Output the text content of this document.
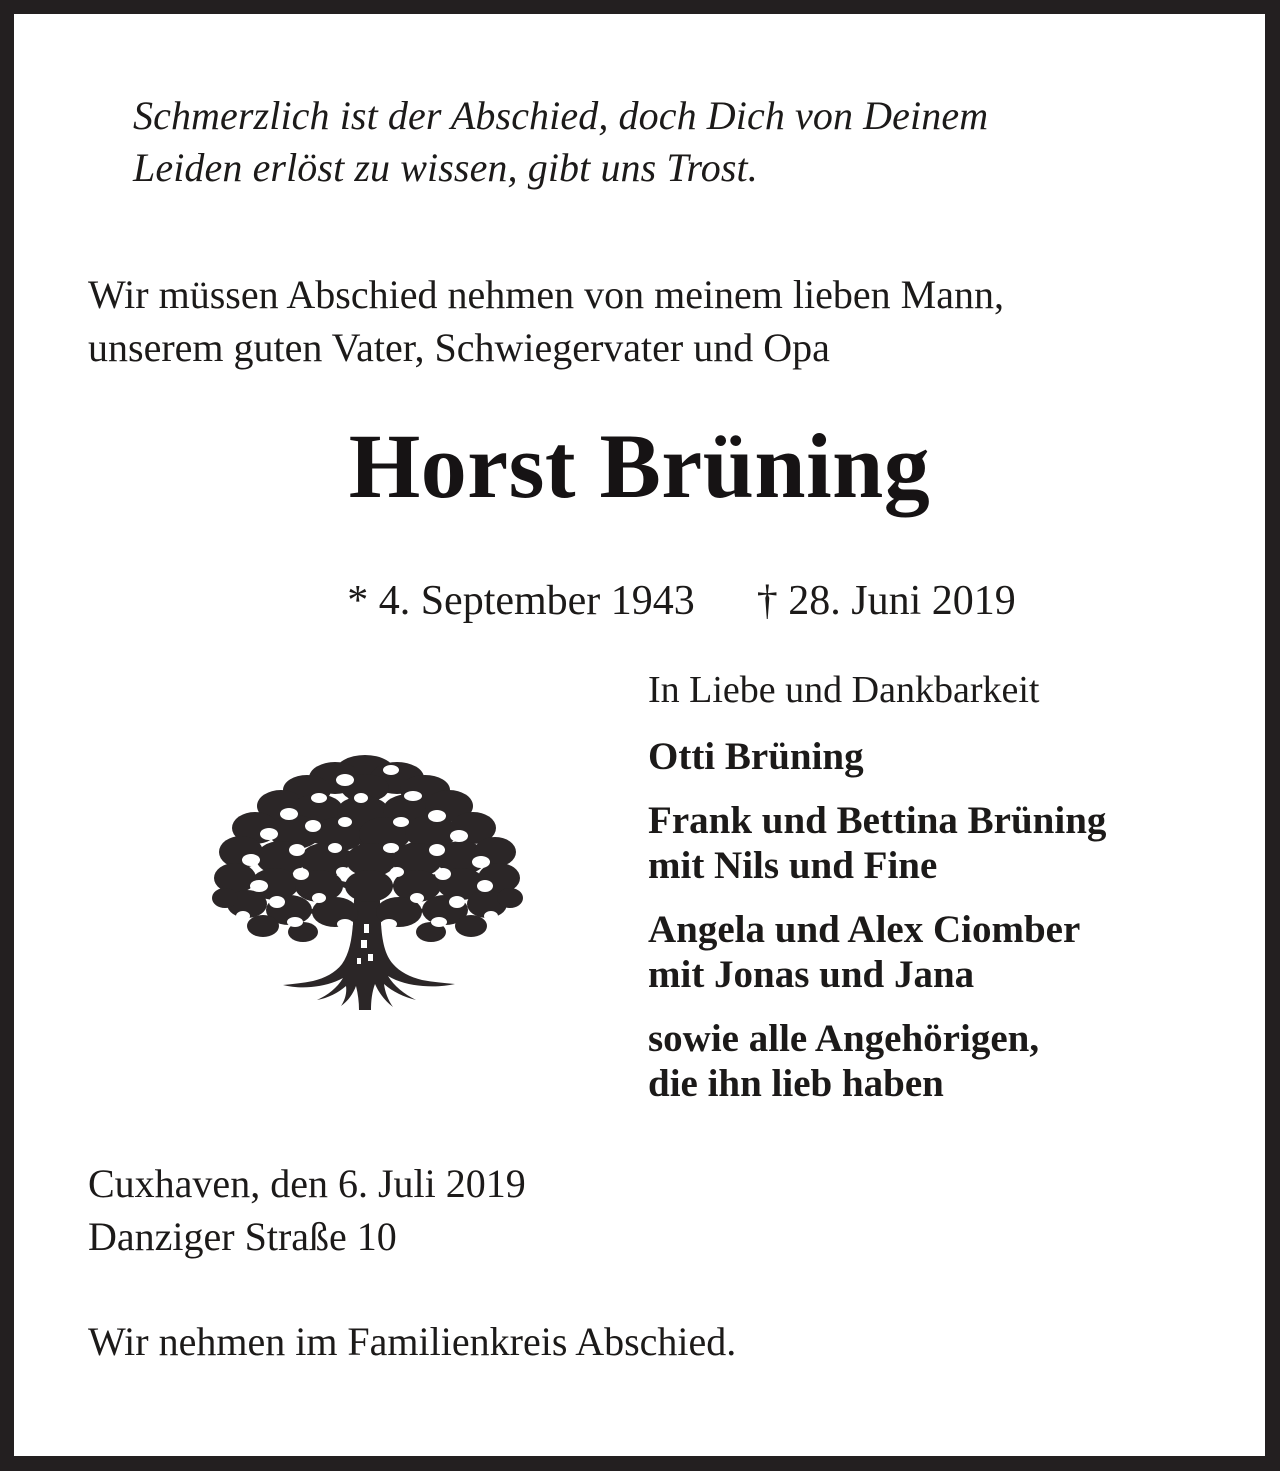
Schmerzlich ist der Abschied, doch Dich von Deinem
Leiden erlöst zu wissen, gibt uns Trost.
Wir müssen Abschied nehmen von meinem lieben Mann,
unserem guten Vater, Schwiegervater und Opa
Horst Brüning

* 4. September 1943 † 28. Juni 2019

In Liebe und Dankbarkeit
Otti Brüning
Frank und Bettina Brüning
mit Nils und Fine
Angela und Alex Ciomber
mit Jonas und Jana
sowie alle Angehörigen,
die ihn lieb haben
Cuxhaven, den 6. Juli 2019
Danziger Straße 10
Wir nehmen im Familienkreis Abschied.
